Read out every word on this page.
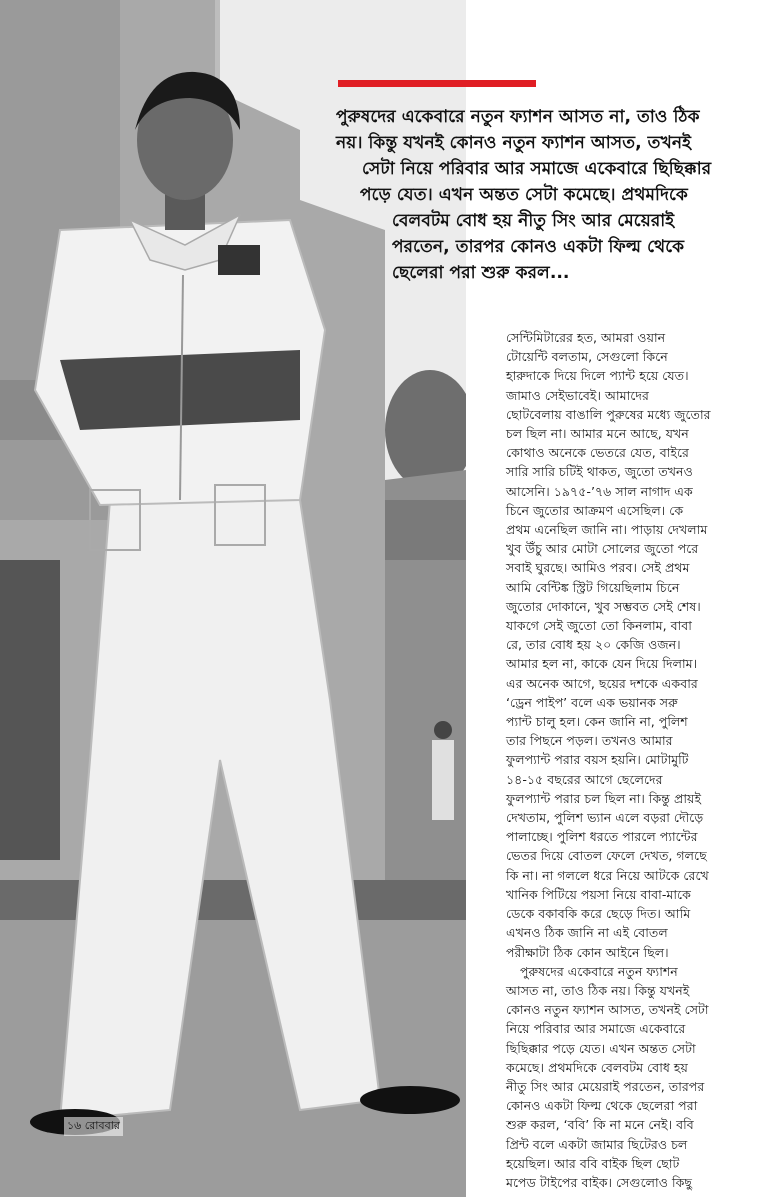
পুরুষদের একেবারে নতুন ফ্যাশন আসত না, তাও ঠিক
নয়। কিন্তু যখনই কোনও নতুন ফ্যাশন আসত, তখনই
সেটা নিয়ে পরিবার আর সমাজে একেবারে ছিছিক্কার
পড়ে যেত। এখন অন্তত সেটা কমেছে। প্রথমদিকে
বেলবটম বোধ হয় নীতু সিং আর মেয়েরাই
পরতেন, তারপর কোনও একটা ফিল্ম থেকে
ছেলেরা পরা শুরু করল...
সেন্টিমিটারের হত, আমরা ওয়ান
টোয়েন্টি বলতাম, সেগুলো কিনে
হারুদাকে দিয়ে দিলে প্যান্ট হয়ে যেত।
জামাও সেইভাবেই। আমাদের
ছোটবেলায় বাঙালি পুরুষের মধ্যে জুতোর
চল ছিল না। আমার মনে আছে, যখন
কোথাও অনেকে ভেতরে যেত, বাইরে
সারি সারি চটিই থাকত, জুতো তখনও
আসেনি। ১৯৭৫-’৭৬ সাল নাগাদ এক
চিনে জুতোর আক্রমণ এসেছিল। কে
প্রথম এনেছিল জানি না। পাড়ায় দেখলাম
খুব উঁচু আর মোটা সোলের জুতো পরে
সবাই ঘুরছে। আমিও পরব। সেই প্রথম
আমি বেন্টিঙ্ক স্ট্রিট গিয়েছিলাম চিনে
জুতোর দোকানে, খুব সম্ভবত সেই শেষ।
যাকগে সেই জুতো তো কিনলাম, বাবা
রে, তার বোধ হয় ২০ কেজি ওজন।
আমার হল না, কাকে যেন দিয়ে দিলাম।
এর অনেক আগে, ছয়ের দশকে একবার
‘ড্রেন পাইপ’ বলে এক ভয়ানক সরু
প্যান্ট চালু হল। কেন জানি না, পুলিশ
তার পিছনে পড়ল। তখনও আমার
ফুলপ্যান্ট পরার বয়স হয়নি। মোটামুটি
১৪-১৫ বছরের আগে ছেলেদের
ফুলপ্যান্ট পরার চল ছিল না। কিন্তু প্রায়ই
দেখতাম, পুলিশ ভ্যান এলে বড়রা দৌড়ে
পালাচ্ছে। পুলিশ ধরতে পারলে প্যান্টের
ভেতর দিয়ে বোতল ফেলে দেখত, গলছে
কি না। না গললে ধরে নিয়ে আটকে রেখে
খানিক পিটিয়ে পয়সা নিয়ে বাবা-মাকে
ডেকে বকাবকি করে ছেড়ে দিত। আমি
এখনও ঠিক জানি না এই বোতল
পরীক্ষাটা ঠিক কোন আইনে ছিল।
পুরুষদের একেবারে নতুন ফ্যাশন
আসত না, তাও ঠিক নয়। কিন্তু যখনই
কোনও নতুন ফ্যাশন আসত, তখনই সেটা
নিয়ে পরিবার আর সমাজে একেবারে
ছিছিক্কার পড়ে যেত। এখন অন্তত সেটা
কমেছে। প্রথমদিকে বেলবটম বোধ হয়
নীতু সিং আর মেয়েরাই পরতেন, তারপর
কোনও একটা ফিল্ম থেকে ছেলেরা পরা
শুরু করল, ‘ববি’ কি না মনে নেই। ববি
প্রিন্ট বলে একটা জামার ছিটেরও চল
হয়েছিল। আর ববি বাইক ছিল ছোট
মপেড টাইপের বাইক। সেগুলোও কিছু
১৬ রোববার
